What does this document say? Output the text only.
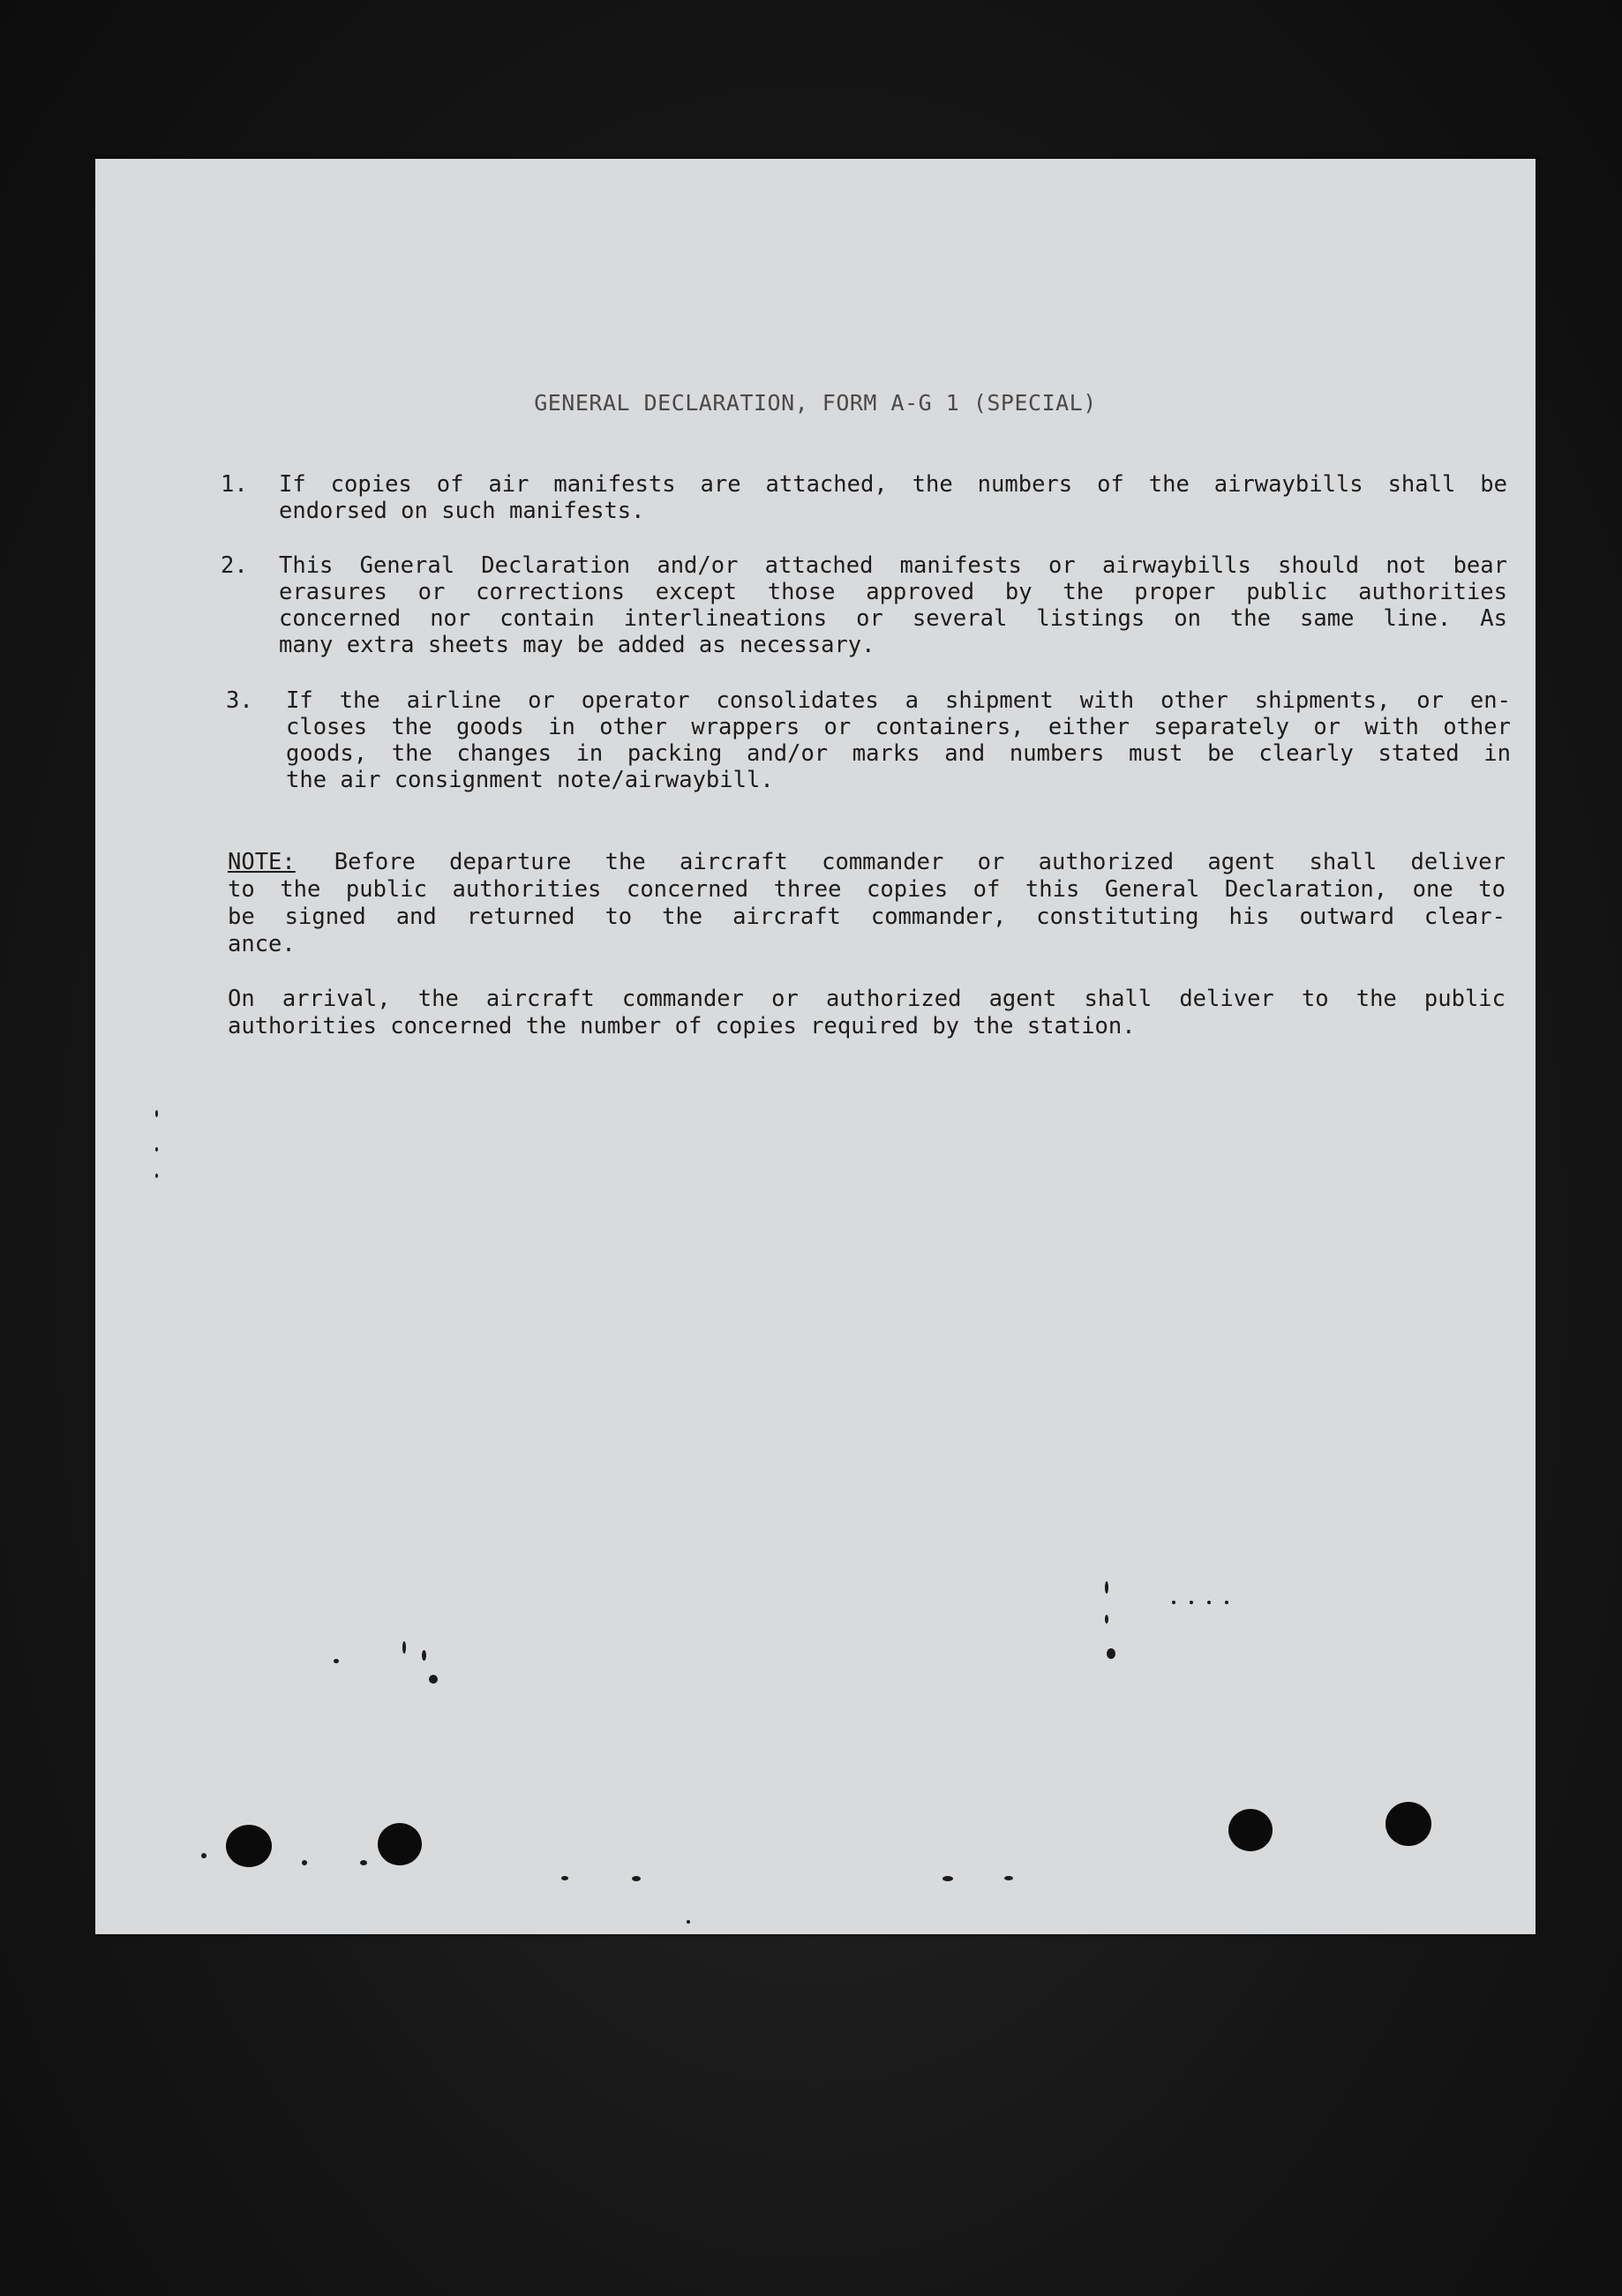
GENERAL DECLARATION, FORM A-G 1 (SPECIAL)
1.	If copies of air manifests are attached, the numbers of the airwaybills shall be
endorsed on such manifests.
2.	This General Declaration and/or attached manifests or airwaybills should not bear
erasures or corrections except those approved by the proper public authorities
concerned nor contain interlineations or several listings on the same line. As
many extra sheets may be added as necessary.
3.	If the airline or operator consolidates a shipment with other shipments, or en-
closes the goods in other wrappers or containers, either separately or with other
goods, the changes in packing and/or marks and numbers must be clearly stated in
the air consignment note/airwaybill.
NOTE: Before departure the aircraft commander or authorized agent shall deliver
to the public authorities concerned three copies of this General Declaration, one to
be signed and returned to the aircraft commander, constituting his outward clear-
ance.
On arrival, the aircraft commander or authorized agent shall deliver to the public
authorities concerned the number of copies required by the station.
